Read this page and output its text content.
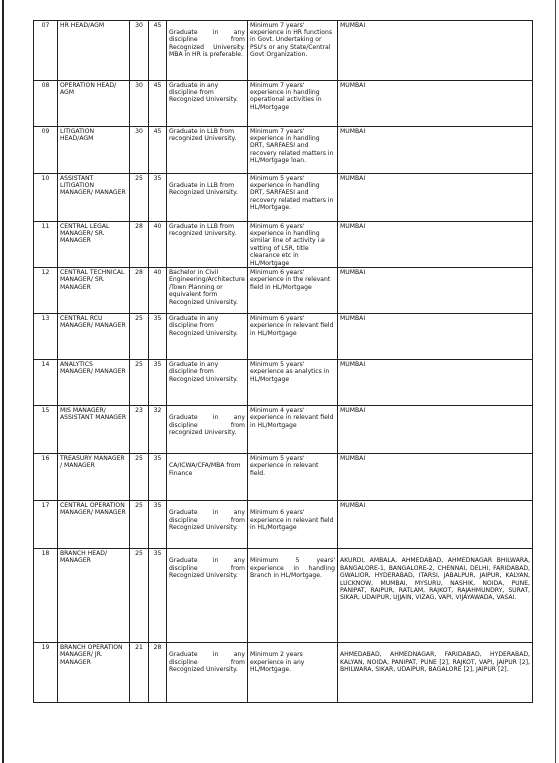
07	HR HEAD/AGM	30	45	Graduate in any discipline from Recognized University. MBA in HR is preferable.	Minimum 7 years' experience in HR functions in Govt. Undertaking or PSU's or any State/Central Govt Organization.	MUMBAI
08	OPERATION HEAD/ AGM	30	45	Graduate in any discipline from Recognized University.	Minimum 7 years' experience in handling operational activities in HL/Mortgage	MUMBAI
09	LITIGATION HEAD/AGM	30	45	Graduate in LLB from recognized University.	Minimum 7 years' experience in handling DRT, SARFAESI and recovery related matters in HL/Mortgage loan.	MUMBAI
10	ASSISTANT LITIGATION MANAGER/ MANAGER	25	35	Graduate in LLB from Recognized University.	Minimum 5 years' experience in handling DRT, SARFAESI and recovery related matters in HL/Mortgage.	MUMBAI
11	CENTRAL LEGAL MANAGER/ SR. MANAGER	28	40	Graduate in LLB from recognized University.	Minimum 6 years' experience in handling similar line of activity i.e vetting of LSR, title clearance etc in HL/Mortgage	MUMBAI
12	CENTRAL TECHNICAL MANAGER/ SR. MANAGER	28	40	Bachelor in Civil Engineering/Architecture/Town Planning or equivalent form Recognized University.	Minimum 6 years' experience in the relevant field in HL/Mortgage	MUMBAI
13	CENTRAL RCU MANAGER/ MANAGER	25	35	Graduate in any discipline from Recognized University.	Minimum 6 years' experience in relevant field in HL/Mortgage	MUMBAI
14	ANALYTICS MANAGER/ MANAGER	25	35	Graduate in any discipline from Recognized University.	Minimum 5 years' experience as analytics in HL/Mortgage	MUMBAI
15	MIS MANAGER/ ASSISTANT MANAGER	23	32	Graduate in any discipline from recognized University.	Minimum 4 years' experience in relevant field in HL/Mortgage	MUMBAI
16	TREASURY MANAGER / MANAGER	25	35	CA/ICWA/CFA/MBA from Finance	Minimum 5 years' experience in relevant field.	MUMBAI
17	CENTRAL OPERATION MANAGER/ MANAGER	25	35	Graduate in any discipline from Recognized University.	Minimum 6 years' experience in relevant field in HL/Mortgage	MUMBAI
18	BRANCH HEAD/ MANAGER	25	35	Graduate in any discipline from Recognized University.	Minimum 5 years' experience in handling Branch in HL/Mortgage.	AKURDI, AMBALA, AHMEDABAD, AHMEDNAGAR BHILWARA, BANGALORE-1, BANGALORE-2, CHENNAI, DELHI, FARIDABAD, GWALIOR, HYDERABAD, ITARSI, JABALPUR, JAIPUR, KALYAN, LUCKNOW, MUMBAI, MYSURU, NASHIK, NOIDA, PUNE, PANIPAT, RAIPUR, RATLAM, RAJKOT, RAJAHMUNDRY, SURAT, SIKAR, UDAIPUR, UJJAIN, VIZAG, VAPI, VIJAYAWADA, VASAI.
19	BRANCH OPERATION MANAGER/ JR. MANAGER	21	28	Graduate in any discipline from Recognized University.	Minimum 2 years experience in any HL/Mortgage.	AHMEDABAD, AHMEDNAGAR, FARIDABAD, HYDERABAD, KALYAN, NOIDA, PANIPAT, PUNE [2], RAJKOT, VAPI, JAIPUR [2], BHILWARA, SIKAR, UDAIPUR, BAGALORE [2], JAIPUR [2].
